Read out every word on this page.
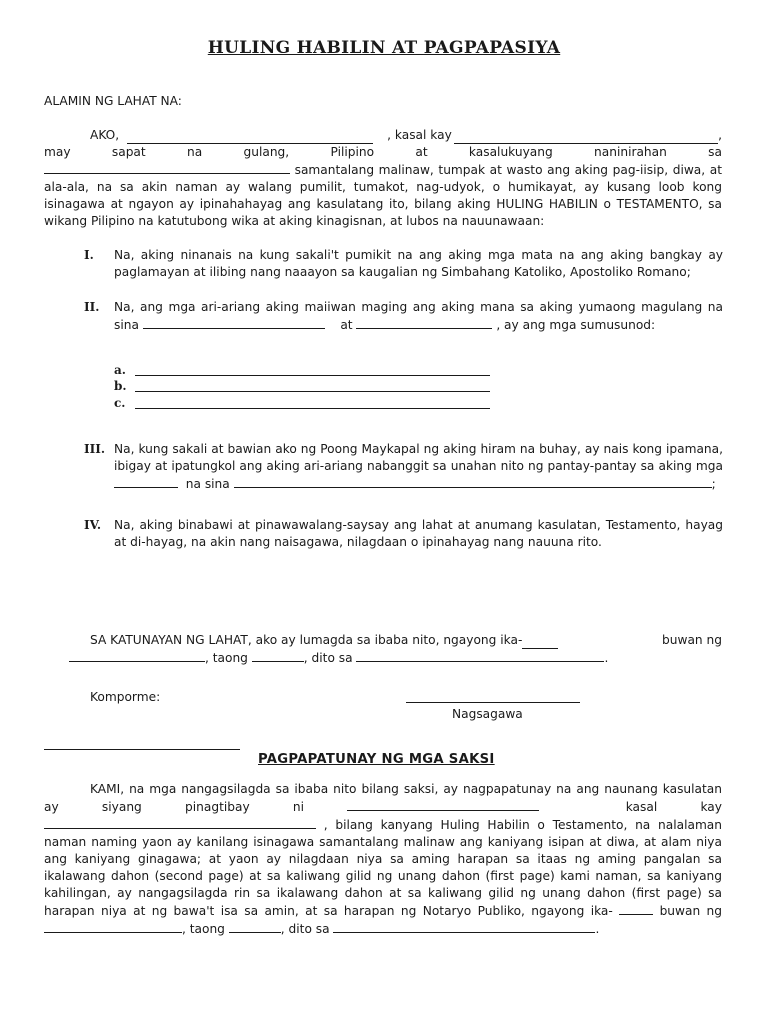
HULING HABILIN AT PAGPAPASIYA
ALAMIN NG LAHAT NA:
AKO,	, kasal kay	,
may sapat na gulang, Pilipino at kasalukuyang naninirahan sa
samantalang malinaw, tumpak at wasto ang aking pag-iisip, diwa, at ala-ala, na sa akin naman ay walang pumilit, tumakot, nag-udyok, o humikayat, ay kusang loob kong isinagawa at ngayon ay ipinahahayag ang kasulatang ito, bilang aking HULING HABILIN o TESTAMENTO, sa wikang Pilipino na katutubong wika at aking kinagisnan, at lubos na nauunawaan:
I. Na, aking ninanais na kung sakali't pumikit na ang aking mga mata na ang aking bangkay ay paglamayan at ilibing nang naaayon sa kaugalian ng Simbahang Katoliko, Apostoliko Romano;
II. Na, ang mga ari-ariang aking maiiwan maging ang aking mana sa aking yumaong magulang na sina	at	, ay ang mga sumusunod:
a.
b.
c.
III. Na, kung sakali at bawian ako ng Poong Maykapal ng aking hiram na buhay, ay nais kong ipamana, ibigay at ipatungkol ang aking ari-ariang nabanggit sa unahan nito ng pantay-pantay sa aking mga   na sina	;
IV. Na, aking binabawi at pinawawalang-saysay ang lahat at anumang kasulatan, Testamento, hayag at di-hayag, na akin nang naisagawa, nilagdaan o ipinahayag nang nauuna rito.
SA KATUNAYAN NG LAHAT, ako ay lumagda sa ibaba nito, ngayong ika-	buwan ng
, taong	, dito sa	.
Komporme:
Nagsagawa
PAGPAPATUNAY NG MGA SAKSI
KAMI, na mga nangagsilagda sa ibaba nito bilang saksi, ay nagpapatunay na ang naunang kasulatan ay siyang pinagtibay ni	kasal kay  , bilang kanyang Huling Habilin o Testamento, na nalalaman naman naming yaon ay kanilang isinagawa samantalang malinaw ang kaniyang isipan at diwa, at alam niya ang kaniyang ginagawa; at yaon ay nilagdaan niya sa aming harapan sa itaas ng aming pangalan sa ikalawang dahon (second page) at sa kaliwang gilid ng unang dahon (first page) kami naman, sa kaniyang kahilingan, ay nangagsilagda rin sa ikalawang dahon at sa kaliwang gilid ng unang dahon (first page) sa harapan niya at ng bawa't isa sa amin, at sa harapan ng Notaryo Publiko, ngayong ika-	buwan ng , taong	, dito sa	.
